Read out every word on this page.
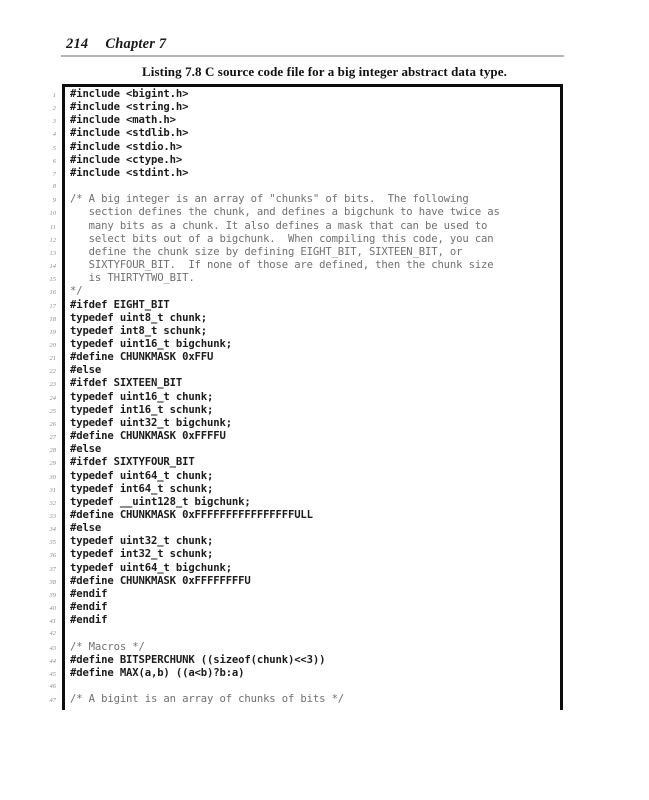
214 Chapter 7
Listing 7.8 C source code file for a big integer abstract data type.
1 #include <bigint.h>
2 #include <string.h>
3 #include <math.h>
4 #include <stdlib.h>
5 #include <stdio.h>
6 #include <ctype.h>
7 #include <stdint.h>
8
9 /* A big integer is an array of "chunks" of bits.  The following
10 section defines the chunk, and defines a bigchunk to have twice as
11 many bits as a chunk. It also defines a mask that can be used to
12 select bits out of a bigchunk.  When compiling this code, you can
13 define the chunk size by defining EIGHT_BIT, SIXTEEN_BIT, or
14 SIXTYFOUR_BIT.  If none of those are defined, then the chunk size
15 is THIRTYTWO_BIT.
16 */
17 #ifdef EIGHT_BIT
18 typedef uint8_t chunk;
19 typedef int8_t schunk;
20 typedef uint16_t bigchunk;
21 #define CHUNKMASK 0xFFU
22 #else
23 #ifdef SIXTEEN_BIT
24 typedef uint16_t chunk;
25 typedef int16_t schunk;
26 typedef uint32_t bigchunk;
27 #define CHUNKMASK 0xFFFFU
28 #else
29 #ifdef SIXTYFOUR_BIT
30 typedef uint64_t chunk;
31 typedef int64_t schunk;
32 typedef __uint128_t bigchunk;
33 #define CHUNKMASK 0xFFFFFFFFFFFFFFFFULL
34 #else
35 typedef uint32_t chunk;
36 typedef int32_t schunk;
37 typedef uint64_t bigchunk;
38 #define CHUNKMASK 0xFFFFFFFFU
39 #endif
40 #endif
41 #endif
42
43 /* Macros */
44 #define BITSPERCHUNK ((sizeof(chunk)<<3))
45 #define MAX(a,b) ((a<b)?b:a)
46
47 /* A bigint is an array of chunks of bits */
